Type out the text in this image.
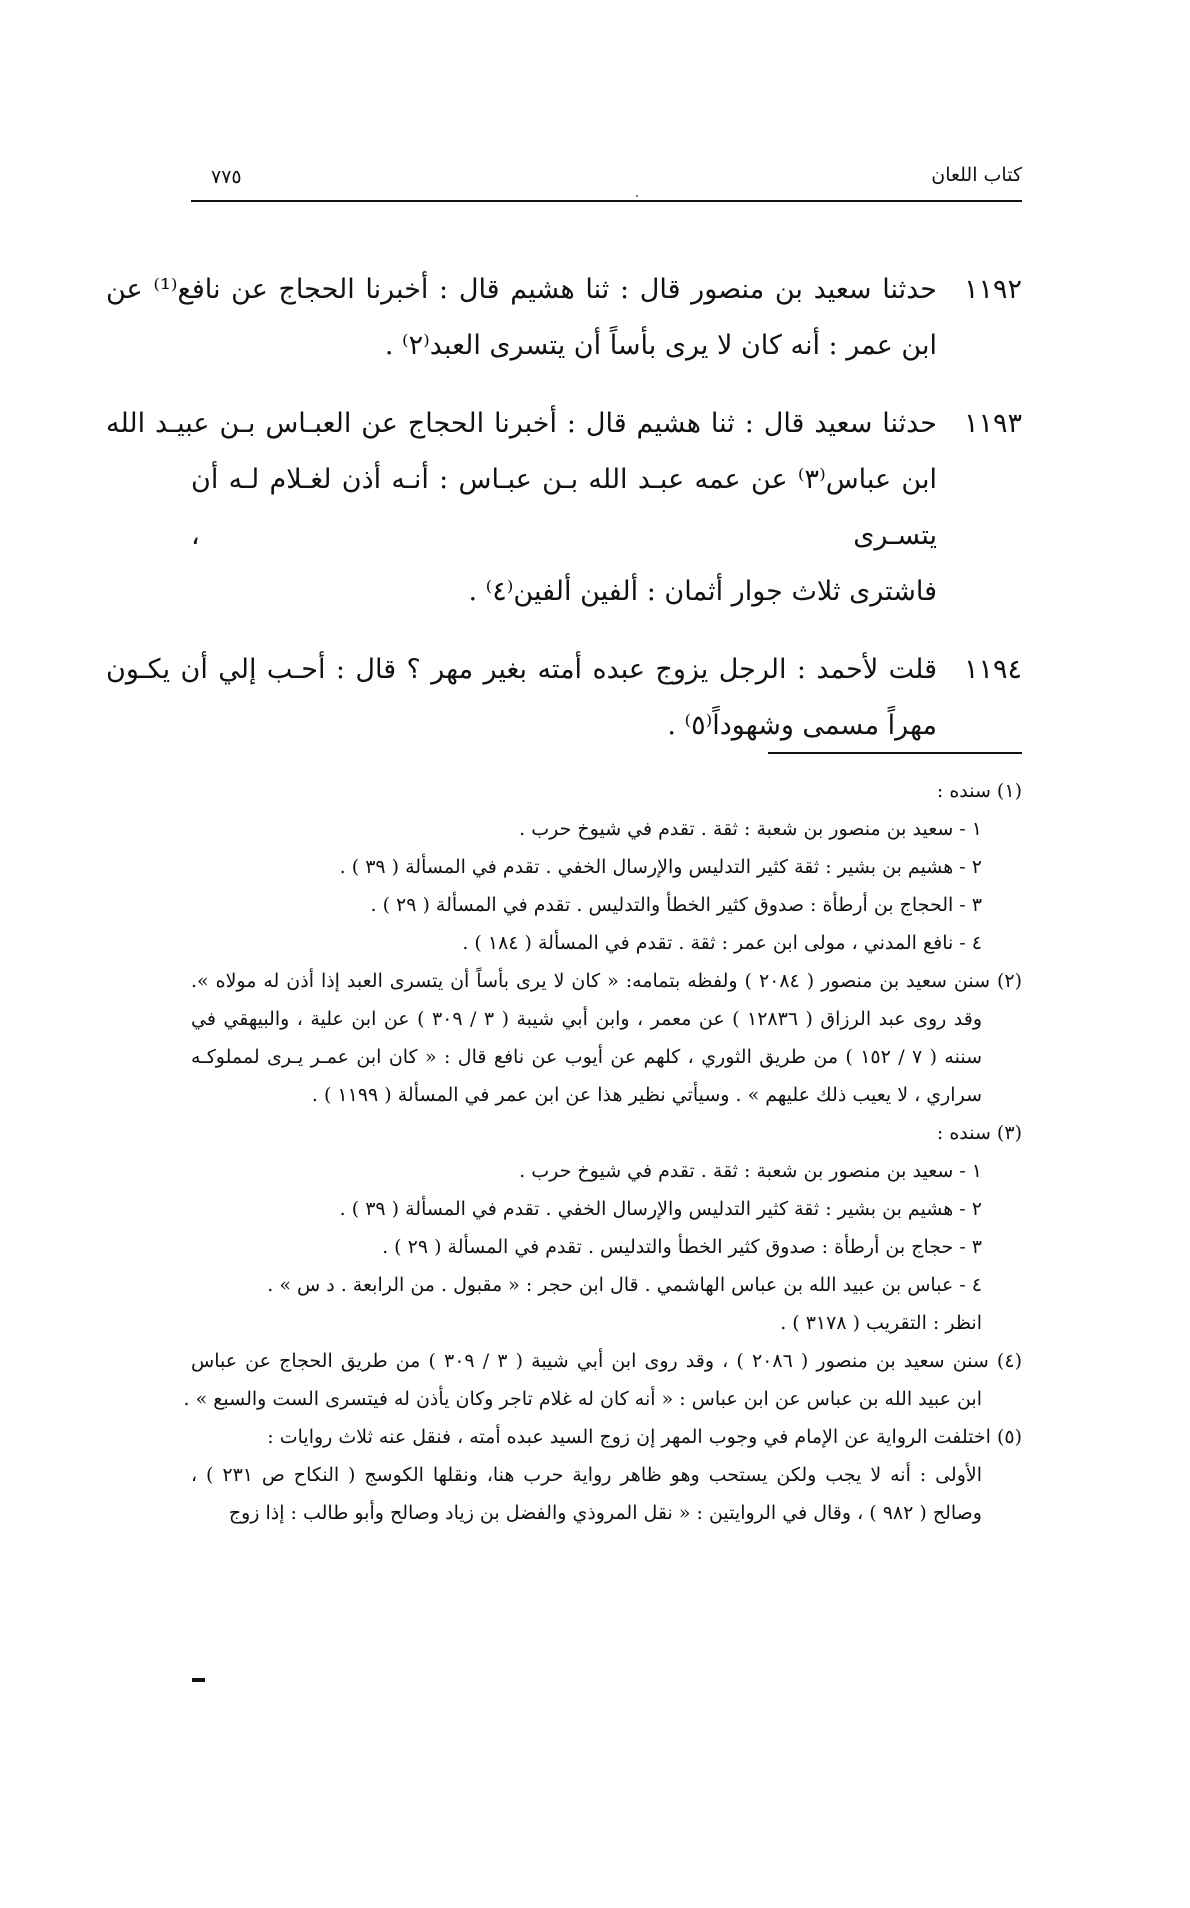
كتاب اللعان
٧٧٥
١١٩٢
حدثنا سعيد بن منصور قال : ثنا هشيم قال : أخبرنا الحجاج عن نافع⁽¹⁾ عن
ابن عمر : أنه كان لا يرى بأساً أن يتسرى العبد⁽٢⁾ .
١١٩٣
حدثنا سعيد قال : ثنا هشيم قال : أخبرنا الحجاج عن العبـاس بـن عبيـد الله
ابن عباس⁽٣⁾ عن عمه عبـد الله بـن عبـاس : أنـه أذن لغـلام لـه أن يتسـرى ،
فاشترى ثلاث جوار أثمان : ألفين ألفين⁽٤⁾ .
١١٩٤
قلت لأحمد : الرجل يزوج عبده أمته بغير مهر ؟ قال : أحـب إلي أن يكـون
مهراً مسمى وشهوداً⁽٥⁾ .
(١) سنده :
١ - سعيد بن منصور بن شعبة : ثقة . تقدم في شيوخ حرب .
٢ - هشيم بن بشير : ثقة كثير التدليس والإرسال الخفي . تقدم في المسألة ( ٣٩ ) .
٣ - الحجاج بن أرطأة : صدوق كثير الخطأ والتدليس . تقدم في المسألة ( ٢٩ ) .
٤ - نافع المدني ، مولى ابن عمر : ثقة . تقدم في المسألة ( ١٨٤ ) .
(٢) سنن سعيد بن منصور ( ٢٠٨٤ ) ولفظه بتمامه: « كان لا يرى بأساً أن يتسرى العبد إذا أذن له مولاه ».
وقد روى عبد الرزاق ( ١٢٨٣٦ ) عن معمر ، وابن أبي شيبة ( ٣ / ٣٠٩ ) عن ابن علية ، والبيهقي في
سننه ( ٧ / ١٥٢ ) من طريق الثوري ، كلهم عن أيوب عن نافع قال : « كان ابن عمـر يـرى لمملوكـه
سراري ، لا يعيب ذلك عليهم » . وسيأتي نظير هذا عن ابن عمر في المسألة ( ١١٩٩ ) .
(٣) سنده :
١ - سعيد بن منصور بن شعبة : ثقة . تقدم في شيوخ حرب .
٢ - هشيم بن بشير : ثقة كثير التدليس والإرسال الخفي . تقدم في المسألة ( ٣٩ ) .
٣ - حجاج بن أرطأة : صدوق كثير الخطأ والتدليس . تقدم في المسألة ( ٢٩ ) .
٤ - عباس بن عبيد الله بن عباس الهاشمي . قال ابن حجر : « مقبول . من الرابعة . د س » .
انظر : التقريب ( ٣١٧٨ ) .
(٤) سنن سعيد بن منصور ( ٢٠٨٦ ) ، وقد روى ابن أبي شيبة ( ٣ / ٣٠٩ ) من طريق الحجاج عن عباس
ابن عبيد الله بن عباس عن ابن عباس : « أنه كان له غلام تاجر وكان يأذن له فيتسرى الست والسبع » .
(٥) اختلفت الرواية عن الإمام في وجوب المهر إن زوج السيد عبده أمته ، فنقل عنه ثلاث روايات :
الأولى : أنه لا يجب ولكن يستحب وهو ظاهر رواية حرب هنا، ونقلها الكوسج ( النكاح ص ٢٣١ ) ،
وصالح ( ٩٨٢ ) ، وقال في الروايتين : « نقل المروذي والفضل بن زياد وصالح وأبو طالب : إذا زوج
